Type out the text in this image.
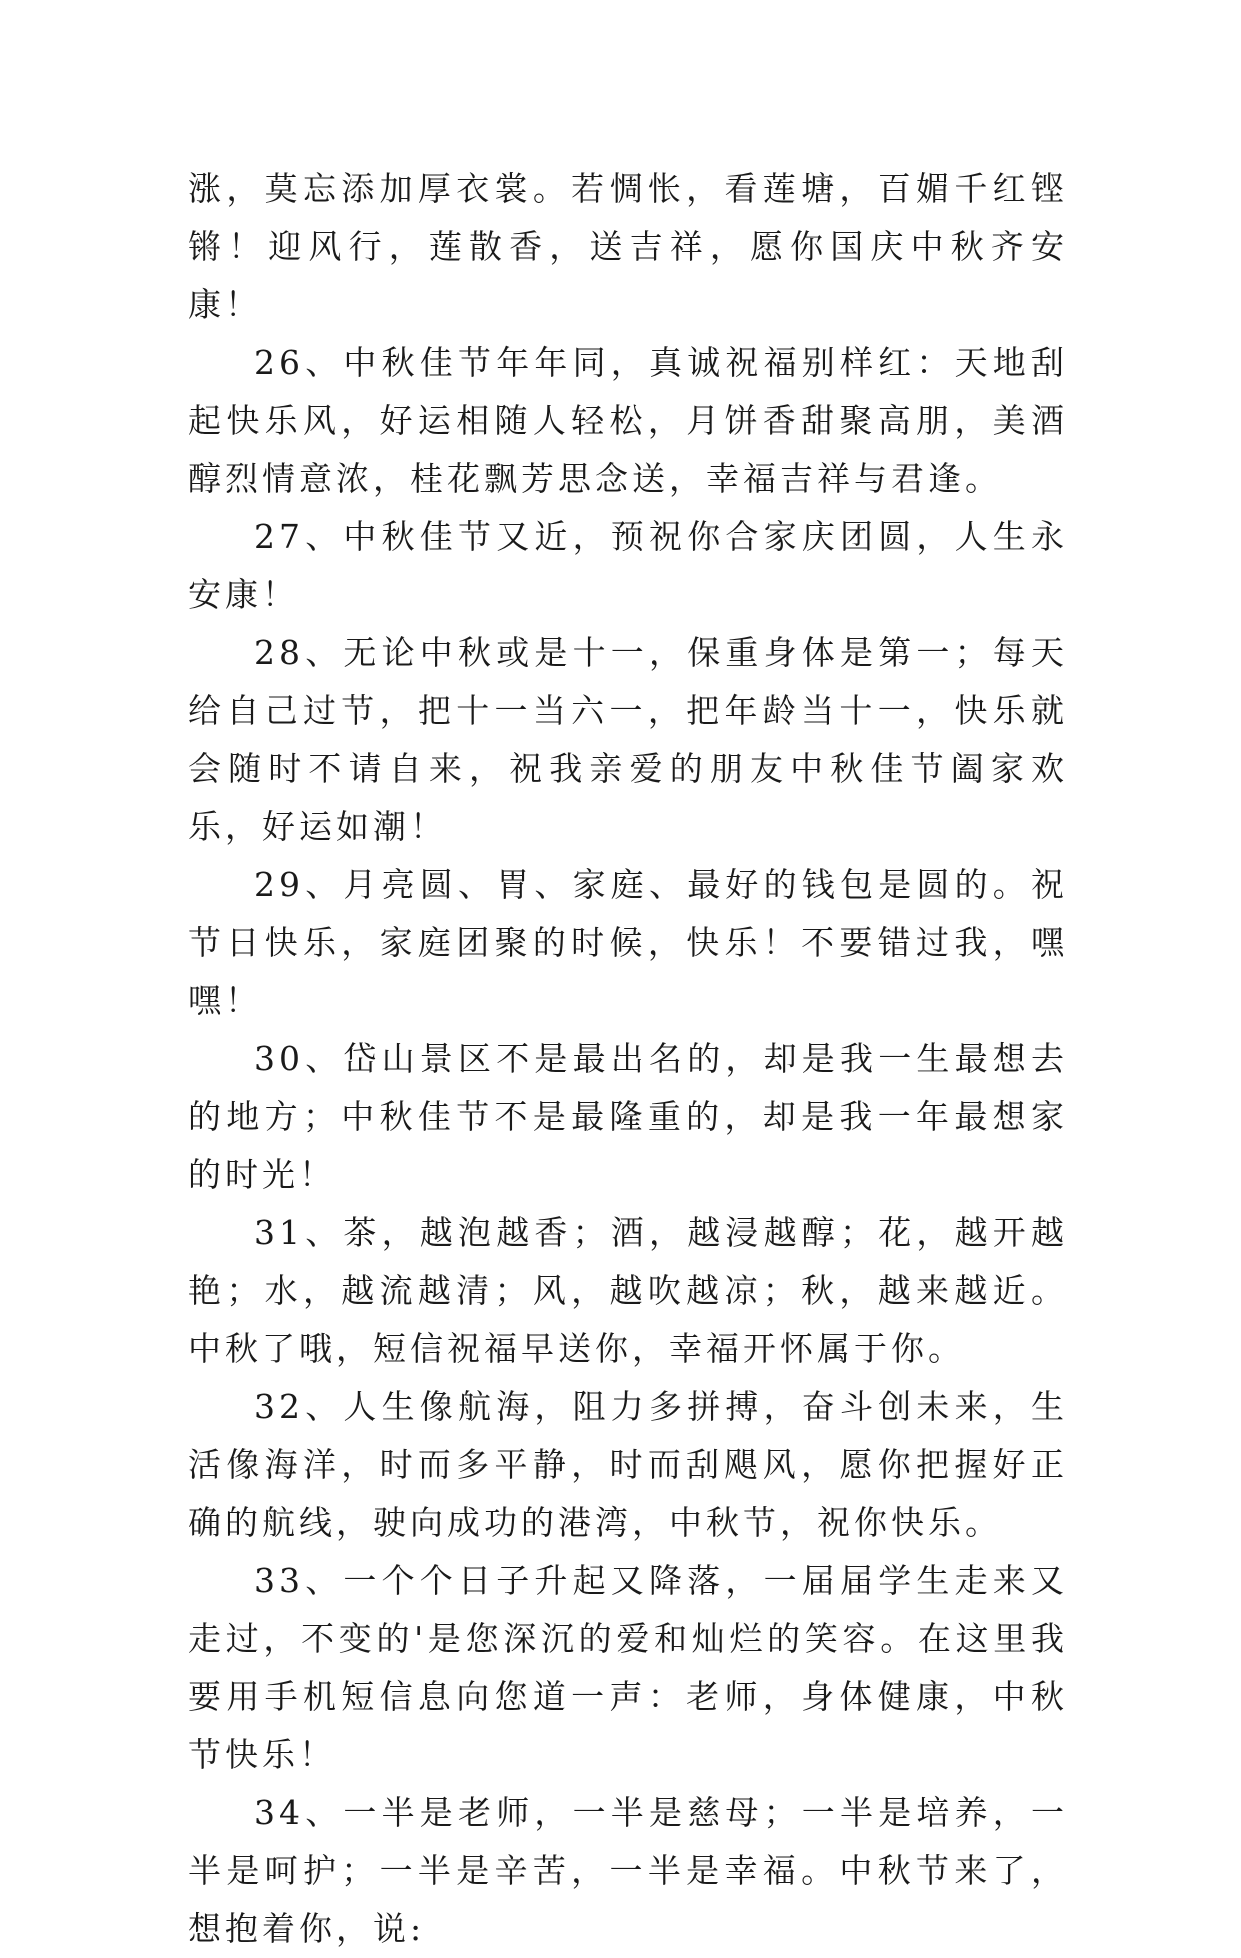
涨，莫忘添加厚衣裳。若惆怅，看莲塘，百媚千红铿锵！迎风行，莲散香，送吉祥，愿你国庆中秋齐安康！

26、中秋佳节年年同，真诚祝福别样红：天地刮起快乐风，好运相随人轻松，月饼香甜聚高朋，美酒醇烈情意浓，桂花飘芳思念送，幸福吉祥与君逢。

27、中秋佳节又近，预祝你合家庆团圆，人生永安康！

28、无论中秋或是十一，保重身体是第一；每天给自己过节，把十一当六一，把年龄当十一，快乐就会随时不请自来，祝我亲爱的朋友中秋佳节阖家欢乐，好运如潮！

29、月亮圆、胃、家庭、最好的钱包是圆的。祝节日快乐，家庭团聚的时候，快乐！不要错过我，嘿嘿！

30、岱山景区不是最出名的，却是我一生最想去的地方；中秋佳节不是最隆重的，却是我一年最想家的时光！

31、茶，越泡越香；酒，越浸越醇；花，越开越艳；水，越流越清；风，越吹越凉；秋，越来越近。中秋了哦，短信祝福早送你，幸福开怀属于你。

32、人生像航海，阻力多拼搏，奋斗创未来，生活像海洋，时而多平静，时而刮飓风，愿你把握好正确的航线，驶向成功的港湾，中秋节，祝你快乐。

33、一个个日子升起又降落，一届届学生走来又走过，不变的'是您深沉的爱和灿烂的笑容。在这里我要用手机短信息向您道一声：老师，身体健康，中秋节快乐！

34、一半是老师，一半是慈母；一半是培养，一半是呵护；一半是辛苦，一半是幸福。中秋节来了，想抱着你，说:
